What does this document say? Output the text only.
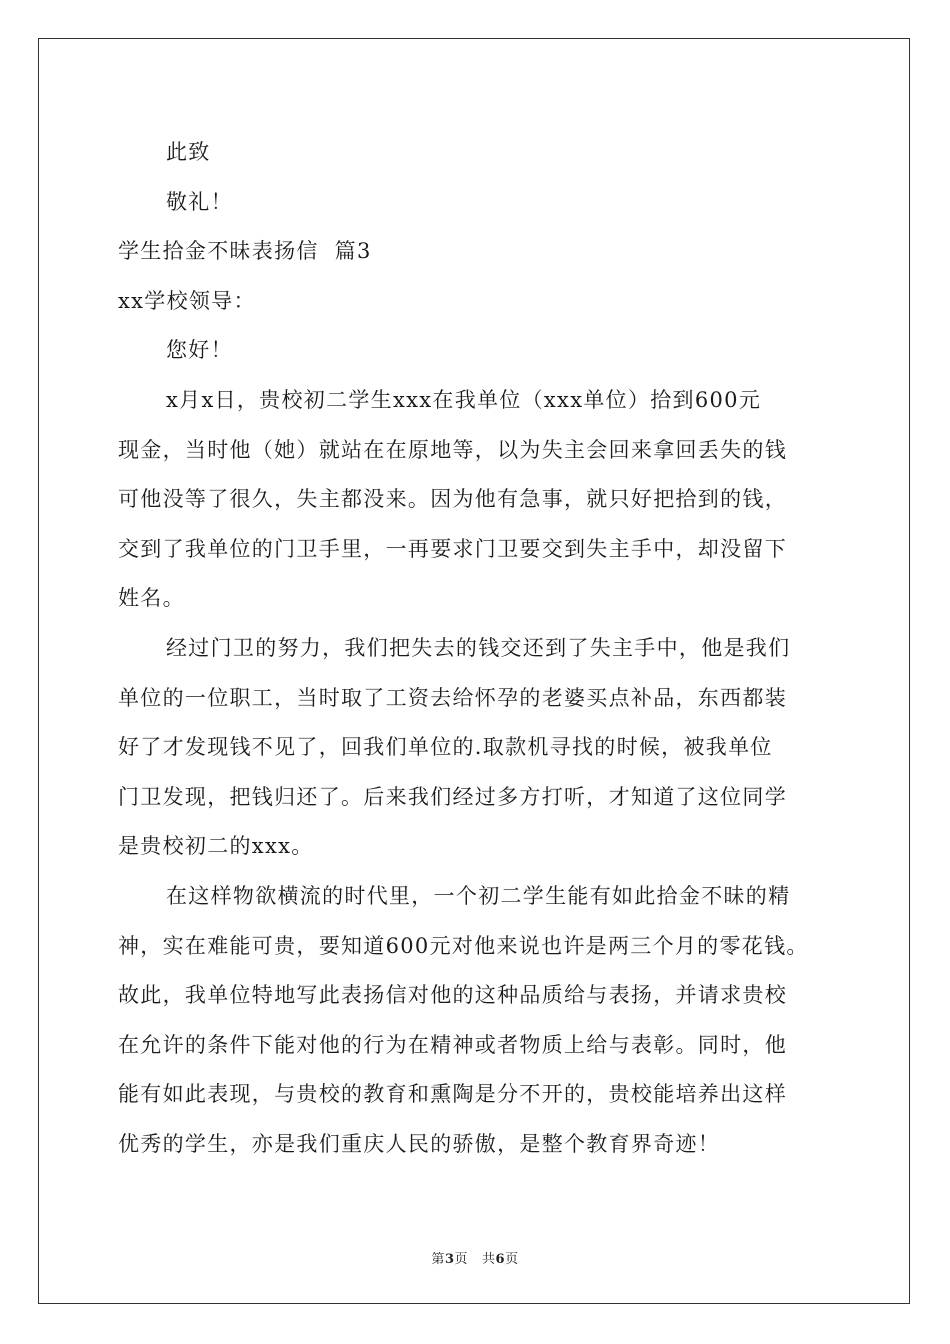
此致

敬礼！

学生拾金不昧表扬信  篇3

xx学校领导：

您好！

x月x日，贵校初二学生xxx在我单位（xxx单位）拾到600元
现金，当时他（她）就站在在原地等，以为失主会回来拿回丢失的钱
可他没等了很久，失主都没来。因为他有急事，就只好把拾到的钱，
交到了我单位的门卫手里，一再要求门卫要交到失主手中，却没留下
姓名。
经过门卫的努力，我们把失去的钱交还到了失主手中，他是我们
单位的一位职工，当时取了工资去给怀孕的老婆买点补品，东西都装
好了才发现钱不见了，回我们单位的.取款机寻找的时候，被我单位
门卫发现，把钱归还了。后来我们经过多方打听，才知道了这位同学
是贵校初二的xxx。
在这样物欲横流的时代里，一个初二学生能有如此拾金不昧的精
神，实在难能可贵，要知道600元对他来说也许是两三个月的零花钱。
故此，我单位特地写此表扬信对他的这种品质给与表扬，并请求贵校
在允许的条件下能对他的行为在精神或者物质上给与表彰。同时，他
能有如此表现，与贵校的教育和熏陶是分不开的，贵校能培养出这样
优秀的学生，亦是我们重庆人民的骄傲，是整个教育界奇迹！
第3页 共6页
